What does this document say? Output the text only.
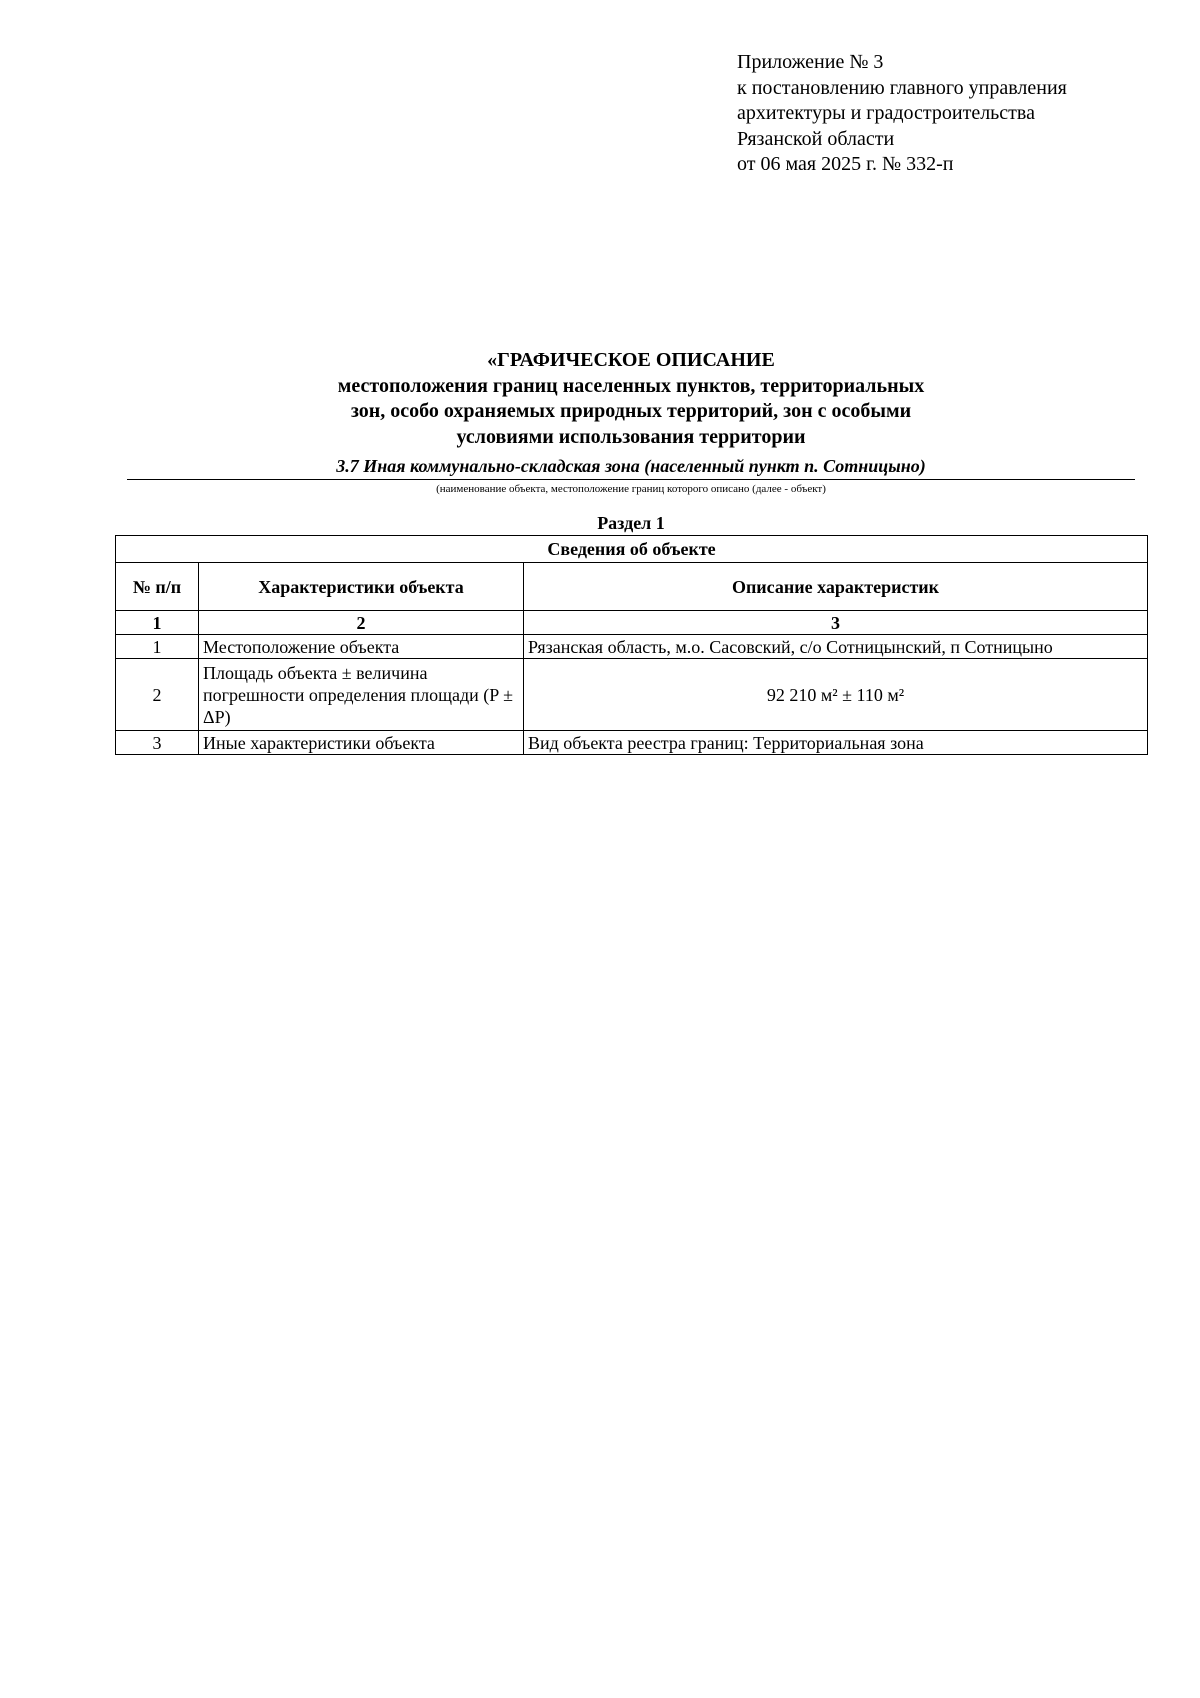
Приложение № 3
к постановлению главного управления
архитектуры и градостроительства
Рязанской области
от 06 мая 2025 г. № 332-п
«ГРАФИЧЕСКОЕ ОПИСАНИЕ
местоположения границ населенных пунктов, территориальных
зон, особо охраняемых природных территорий, зон с особыми
условиями использования территории
3.7 Иная коммунально-складская зона (населенный пункт п. Сотницыно)
(наименование объекта, местоположение границ которого описано (далее - объект)
Раздел 1
Сведения об объекте		
№ п/п	Характеристики объекта	Описание характеристик
1	2	3
1	Местоположение объекта	Рязанская область, м.о. Сасовский, с/о Сотницынский, п Сотницыно
2	Площадь объекта ± величина погрешности определения площади (P ± ΔP)	92 210 м² ± 110 м²
3	Иные характеристики объекта	Вид объекта реестра границ: Территориальная зона
